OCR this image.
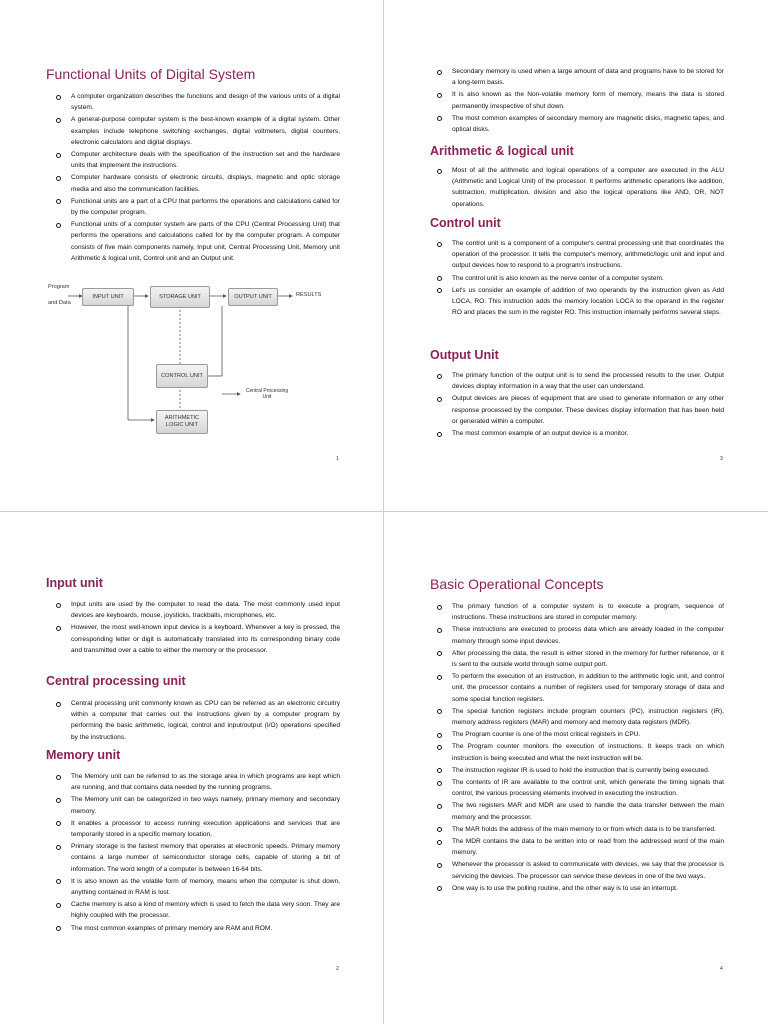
Functional Units of Digital System
A computer organization describes the functions and design of the various units of a digital system.
A general-purpose computer system is the best-known example of a digital system. Other examples include telephone switching exchanges, digital voltmeters, digital counters, electronic calculators and digital displays.
Computer architecture deals with the specification of the instruction set and the hardware units that implement the instructions.
Computer hardware consists of electronic circuits, displays, magnetic and optic storage media and also the communication facilities.
Functional units are a part of a CPU that performs the operations and calculations called for by the computer program.
Functional units of a computer system are parts of the CPU (Central Processing Unit) that performs the operations and calculations called for by the computer program. A computer consists of five main components namely, Input unit, Central Processing Unit, Memory unit Arithmetic & logical unit, Control unit and an Output unit.
Program
and Data
INPUT UNIT	STORAGE UNIT	OUTPUT UNIT	RESULTS
CONTROL UNIT
ARITHMETIC LOGIC UNIT
Central Processing Unit
1
Secondary memory is used when a large amount of data and programs have to be stored for a long-term basis.
It is also known as the Non-volatile memory form of memory, means the data is stored permanently irrespective of shut down.
The most common examples of secondary memory are magnetic disks, magnetic tapes, and optical disks.
Arithmetic & logical unit
Most of all the arithmetic and logical operations of a computer are executed in the ALU (Arithmetic and Logical Unit) of the processor. It performs arithmetic operations like addition, subtraction, multiplication, division and also the logical operations like AND, OR, NOT operations.
Control unit
The control unit is a component of a computer's central processing unit that coordinates the operation of the processor. It tells the computer's memory, arithmetic/logic unit and input and output devices how to respond to a program's instructions.
The control unit is also known as the nerve center of a computer system.
Let's us consider an example of addition of two operands by the instruction given as Add LOCA, RO. This instruction adds the memory location LOCA to the operand in the register RO and places the sum in the register RO. This instruction internally performs several steps.
Output Unit
The primary function of the output unit is to send the processed results to the user. Output devices display information in a way that the user can understand.
Output devices are pieces of equipment that are used to generate information or any other response processed by the computer. These devices display information that has been held or generated within a computer.
The most common example of an output device is a monitor.
3
Input unit
Input units are used by the computer to read the data. The most commonly used input devices are keyboards, mouse, joysticks, trackballs, microphones, etc.
However, the most well-known input device is a keyboard. Whenever a key is pressed, the corresponding letter or digit is automatically translated into its corresponding binary code and transmitted over a cable to either the memory or the processor.
Central processing unit
Central processing unit commonly known as CPU can be referred as an electronic circuitry within a computer that carries out the instructions given by a computer program by performing the basic arithmetic, logical, control and input/output (I/O) operations specified by the instructions.
Memory unit
The Memory unit can be referred to as the storage area in which programs are kept which are running, and that contains data needed by the running programs.
The Memory unit can be categorized in two ways namely, primary memory and secondary memory.
It enables a processor to access running execution applications and services that are temporarily stored in a specific memory location.
Primary storage is the fastest memory that operates at electronic speeds. Primary memory contains a large number of semiconductor storage cells, capable of storing a bit of information. The word length of a computer is between 16-64 bits.
It is also known as the volatile form of memory, means when the computer is shut down, anything contained in RAM is lost.
Cache memory is also a kind of memory which is used to fetch the data very soon. They are highly coupled with the processor.
The most common examples of primary memory are RAM and ROM.
2
Basic Operational Concepts
The primary function of a computer system is to execute a program, sequence of instructions. These instructions are stored in computer memory.
These instructions are executed to process data which are already loaded in the computer memory through some input devices.
After processing the data, the result is either stored in the memory for further reference, or it is sent to the outside world through some output port.
To perform the execution of an instruction, in addition to the arithmetic logic unit, and control unit, the processor contains a number of registers used for temporary storage of data and some special function registers.
The special function registers include program counters (PC), instruction registers (IR), memory address registers (MAR) and memory and memory data registers (MDR).
The Program counter is one of the most critical registers in CPU.
The Program counter monitors the execution of instructions. It keeps track on which instruction is being executed and what the next instruction will be.
The instruction register IR is used to hold the instruction that is currently being executed.
The contents of IR are available to the control unit, which generate the timing signals that control, the various processing elements involved in executing the instruction.
The two registers MAR and MDR are used to handle the data transfer between the main memory and the processor.
The MAR holds the address of the main memory to or from which data is to be transferred.
The MDR contains the data to be written into or read from the addressed word of the main memory.
Whenever the processor is asked to communicate with devices, we say that the processor is servicing the devices. The processor can service these devices in one of the two ways.
One way is to use the polling routine, and the other way is to use an interrupt.
4
